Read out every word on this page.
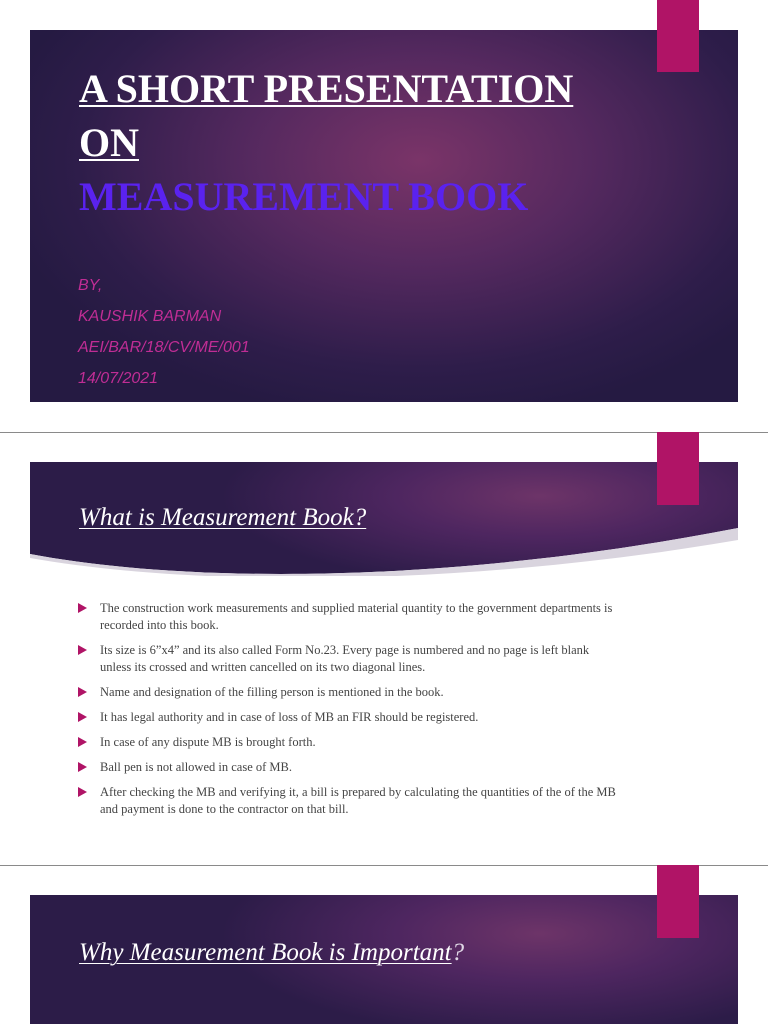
A SHORT PRESENTATION
ON
MEASUREMENT BOOK
BY,
KAUSHIK BARMAN
AEI/BAR/18/CV/ME/001
14/07/2021
What is Measurement Book?
The construction work measurements and supplied material quantity to the government departments is recorded into this book.
Its size is 6”x4” and its also called Form No.23. Every page is numbered and no page is left blank unless its crossed and written cancelled on its two diagonal lines.
Name and designation of the filling person is mentioned in the book.
It has legal authority and in case of loss of MB an FIR should be registered.
In case of any dispute MB is brought forth.
Ball pen is not allowed in case of MB.
After checking the MB and verifying it, a bill is prepared by calculating the quantities of the of the MB and payment is done to the contractor on that bill.
Why Measurement Book is Important?
